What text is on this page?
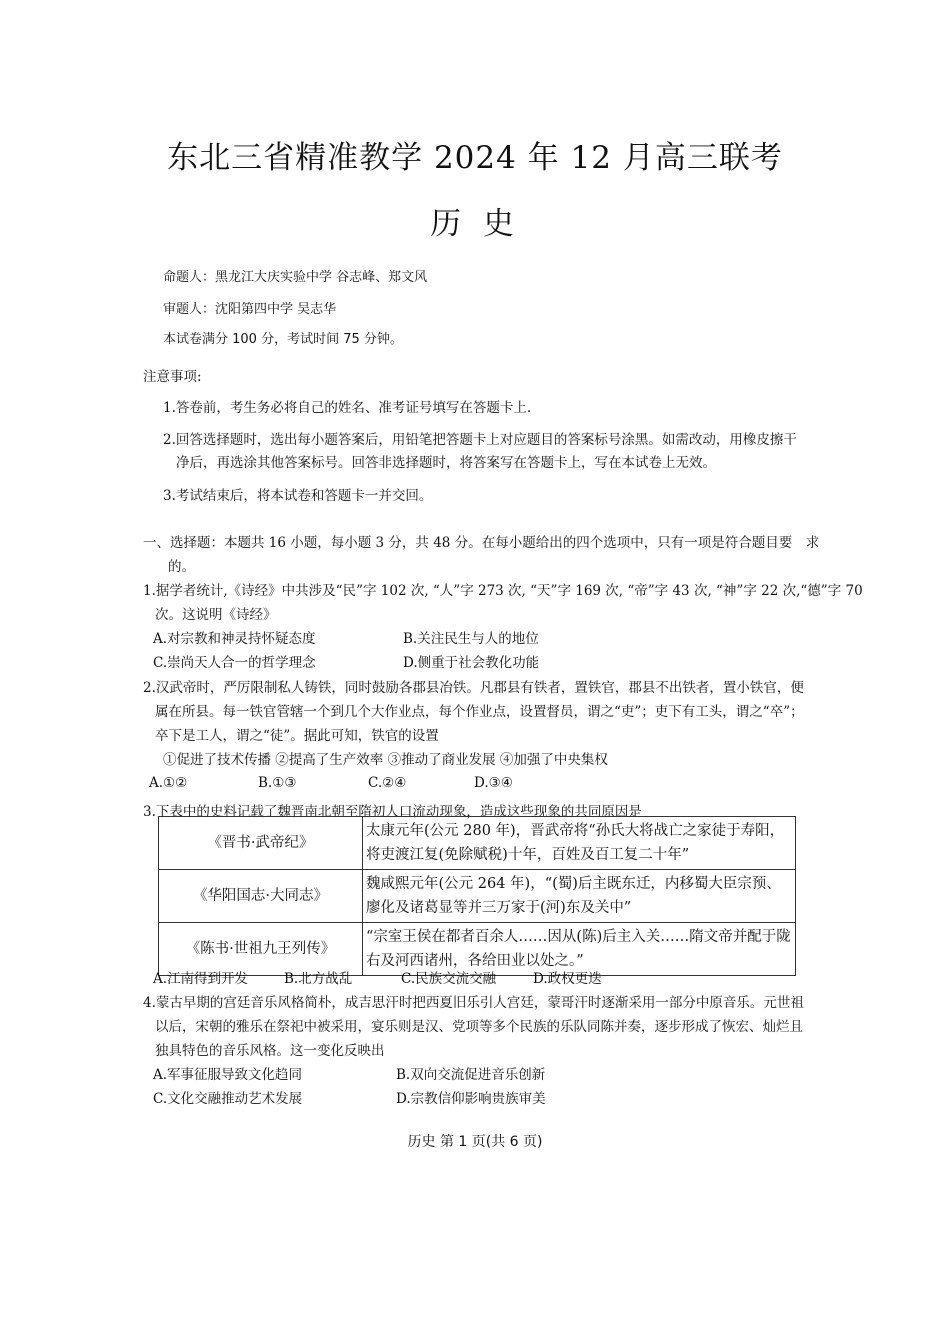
东北三省精准教学 2024 年 12 月高三联考
历 史
命题人：黑龙江大庆实验中学 谷志峰、郑文风
审题人：沈阳第四中学 吴志华
本试卷满分 100 分，考试时间 75 分钟。
注意事项:
1.答卷前，考生务必将自己的姓名、准考证号填写在答题卡上.
2.回答选择题时，选出每小题答案后，用铅笔把答题卡上对应题目的答案标号涂黑。如需改动，用橡皮擦干
净后，再选涂其他答案标号。回答非选择题时，将答案写在答题卡上，写在本试卷上无效。
3.考试结束后，将本试卷和答题卡一并交回。
一、选择题：本题共 16 小题，每小题 3 分，共 48 分。在每小题给出的四个选项中，只有一项是符合题目要　求
的。
1.据学者统计,《诗经》中共涉及“民”字 102 次, “人”字 273 次, “天”字 169 次, “帝”字 43 次, “神”字 22 次,“德”字 70
次。这说明《诗经》
A.对宗教和神灵持怀疑态度	B.关注民生与人的地位
C.崇尚天人合一的哲学理念	D.侧重于社会教化功能
2.汉武帝时，严厉限制私人铸铁，同时鼓励各郡县冶铁。凡郡县有铁者，置铁官，郡县不出铁者，置小铁官，便
属在所县。每一铁官管辖一个到几个大作业点，每个作业点，设置督员，谓之“吏”；吏下有工头，谓之“卒”；
卒下是工人，谓之“徒”。据此可知，铁官的设置
①促进了技术传播 ②提高了生产效率 ③推动了商业发展 ④加强了中央集权
A.①②	B.①③	C.②④	D.③④
3.下表中的史料记载了魏晋南北朝至隋初人口流动现象，造成这些现象的共同原因是
《晋书·武帝纪》	太康元年(公元 280 年)，晋武帝将“孙氏大将战亡之家徒于寿阳，将吏渡江复(免除赋税)十年，百姓及百工复二十年”
《华阳国志·大同志》	魏咸熙元年(公元 264 年)，“(蜀)后主既东迁，内移蜀大臣宗预、廖化及诸葛显等并三万家于(河)东及关中”
《陈书·世祖九王列传》	“宗室王侯在都者百余人……因从(陈)后主入关……隋文帝并配于陇右及河西诸州，各给田业以处之。”
A.江南得到开发	B.北方战乱	C.民族交流交融	D.政权更迭
4.蒙古早期的宫廷音乐风格简朴，成吉思汗时把西夏旧乐引人宫廷，蒙哥汗时逐渐采用一部分中原音乐。元世祖
以后，宋朝的雅乐在祭祀中被采用，宴乐则是汉、党项等多个民族的乐队同陈并奏，逐步形成了恢宏、灿烂且
独具特色的音乐风格。这一变化反映出
A.军事征服导致文化趋同	B.双向交流促进音乐创新
C.文化交融推动艺术发展	D.宗教信仰影响贵族审美
历史 第 1 页(共 6 页)
